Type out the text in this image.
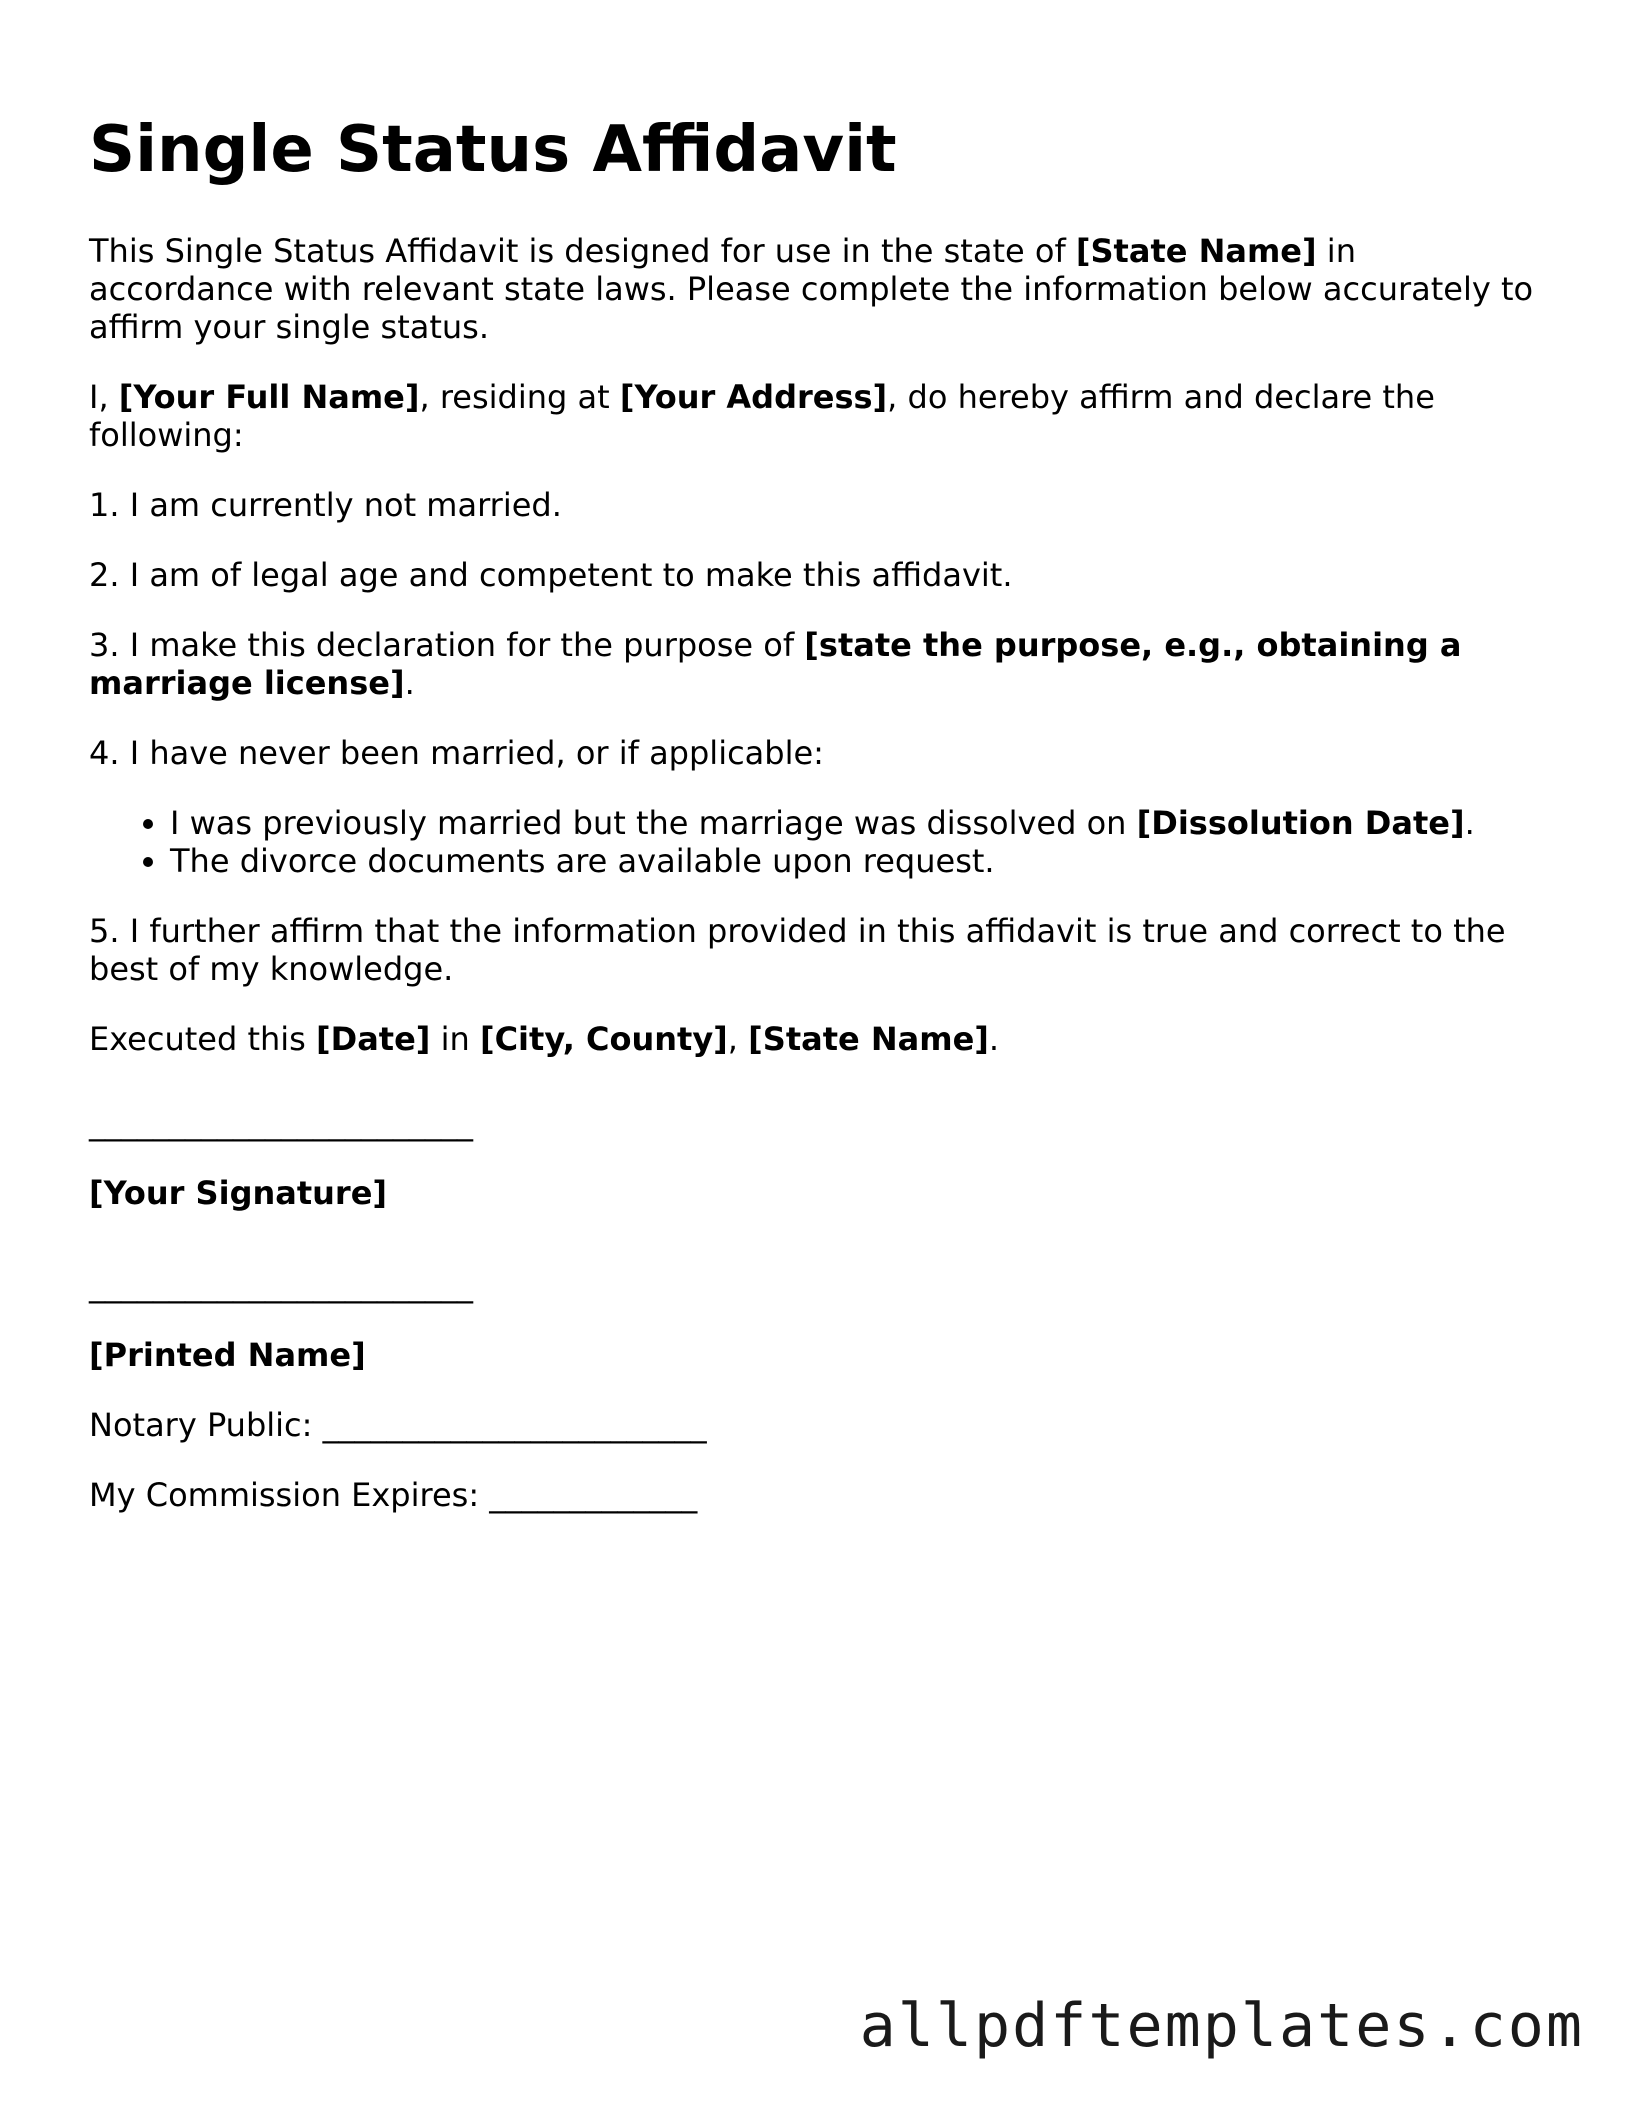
Single Status Affidavit

This Single Status Affidavit is designed for use in the state of [State Name] in accordance with relevant state laws. Please complete the information below accurately to affirm your single status.

I, [Your Full Name], residing at [Your Address], do hereby affirm and declare the following:

1. I am currently not married.

2. I am of legal age and competent to make this affidavit.

3. I make this declaration for the purpose of [state the purpose, e.g., obtaining a marriage license].

4. I have never been married, or if applicable:

• I was previously married but the marriage was dissolved on [Dissolution Date].
• The divorce documents are available upon request.

5. I further affirm that the information provided in this affidavit is true and correct to the best of my knowledge.

Executed this [Date] in [City, County], [State Name].

________________________
[Your Signature]
________________________
[Printed Name]

Notary Public: ________________________

My Commission Expires: _____________

allpdftemplates.com
